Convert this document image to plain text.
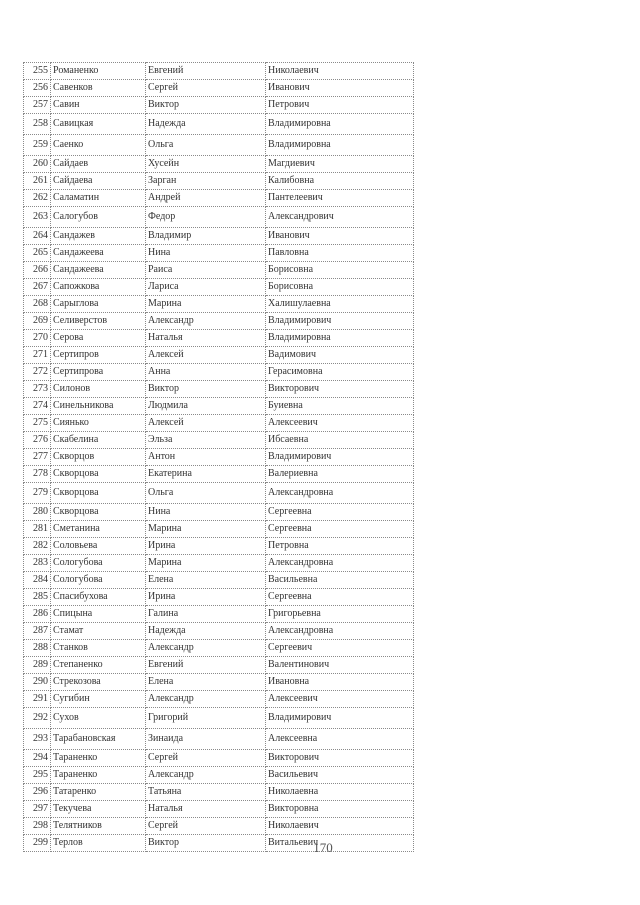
255	Романенко	Евгений	Николаевич
256	Савенков	Сергей	Иванович
257	Савин	Виктор	Петрович
258	Савицкая	Надежда	Владимировна
259	Саенко	Ольга	Владимировна
260	Сайдаев	Хусейн	Магдиевич
261	Сайдаева	Зарган	Калибовна
262	Саламатин	Андрей	Пантелеевич
263	Салогубов	Федор	Александрович
264	Сандажев	Владимир	Иванович
265	Сандажеева	Нина	Павловна
266	Сандажеева	Раиса	Борисовна
267	Сапожкова	Лариса	Борисовна
268	Сарыглова	Марина	Халишулаевна
269	Селиверстов	Александр	Владимирович
270	Серова	Наталья	Владимировна
271	Сертипров	Алексей	Вадимович
272	Сертипрова	Анна	Герасимовна
273	Силонов	Виктор	Викторович
274	Синельникова	Людмила	Буиевна
275	Сиянько	Алексей	Алексеевич
276	Скабелина	Эльза	Ибсаевна
277	Скворцов	Антон	Владимирович
278	Скворцова	Екатерина	Валериевна
279	Скворцова	Ольга	Александровна
280	Скворцова	Нина	Сергеевна
281	Сметанина	Марина	Сергеевна
282	Соловьева	Ирина	Петровна
283	Сологубова	Марина	Александровна
284	Сологубова	Елена	Васильевна
285	Спасибухова	Ирина	Сергеевна
286	Спицына	Галина	Григорьевна
287	Стамат	Надежда	Александровна
288	Станков	Александр	Сергеевич
289	Степаненко	Евгений	Валентинович
290	Стрекозова	Елена	Ивановна
291	Сугибин	Александр	Алексеевич
292	Сухов	Григорий	Владимирович
293	Тарабановская	Зинаида	Алексеевна
294	Тараненко	Сергей	Викторович
295	Тараненко	Александр	Васильевич
296	Татаренко	Татьяна	Николаевна
297	Текучева	Наталья	Викторовна
298	Телятников	Сергей	Николаевич
299	Терлов	Виктор	Витальевич
170
